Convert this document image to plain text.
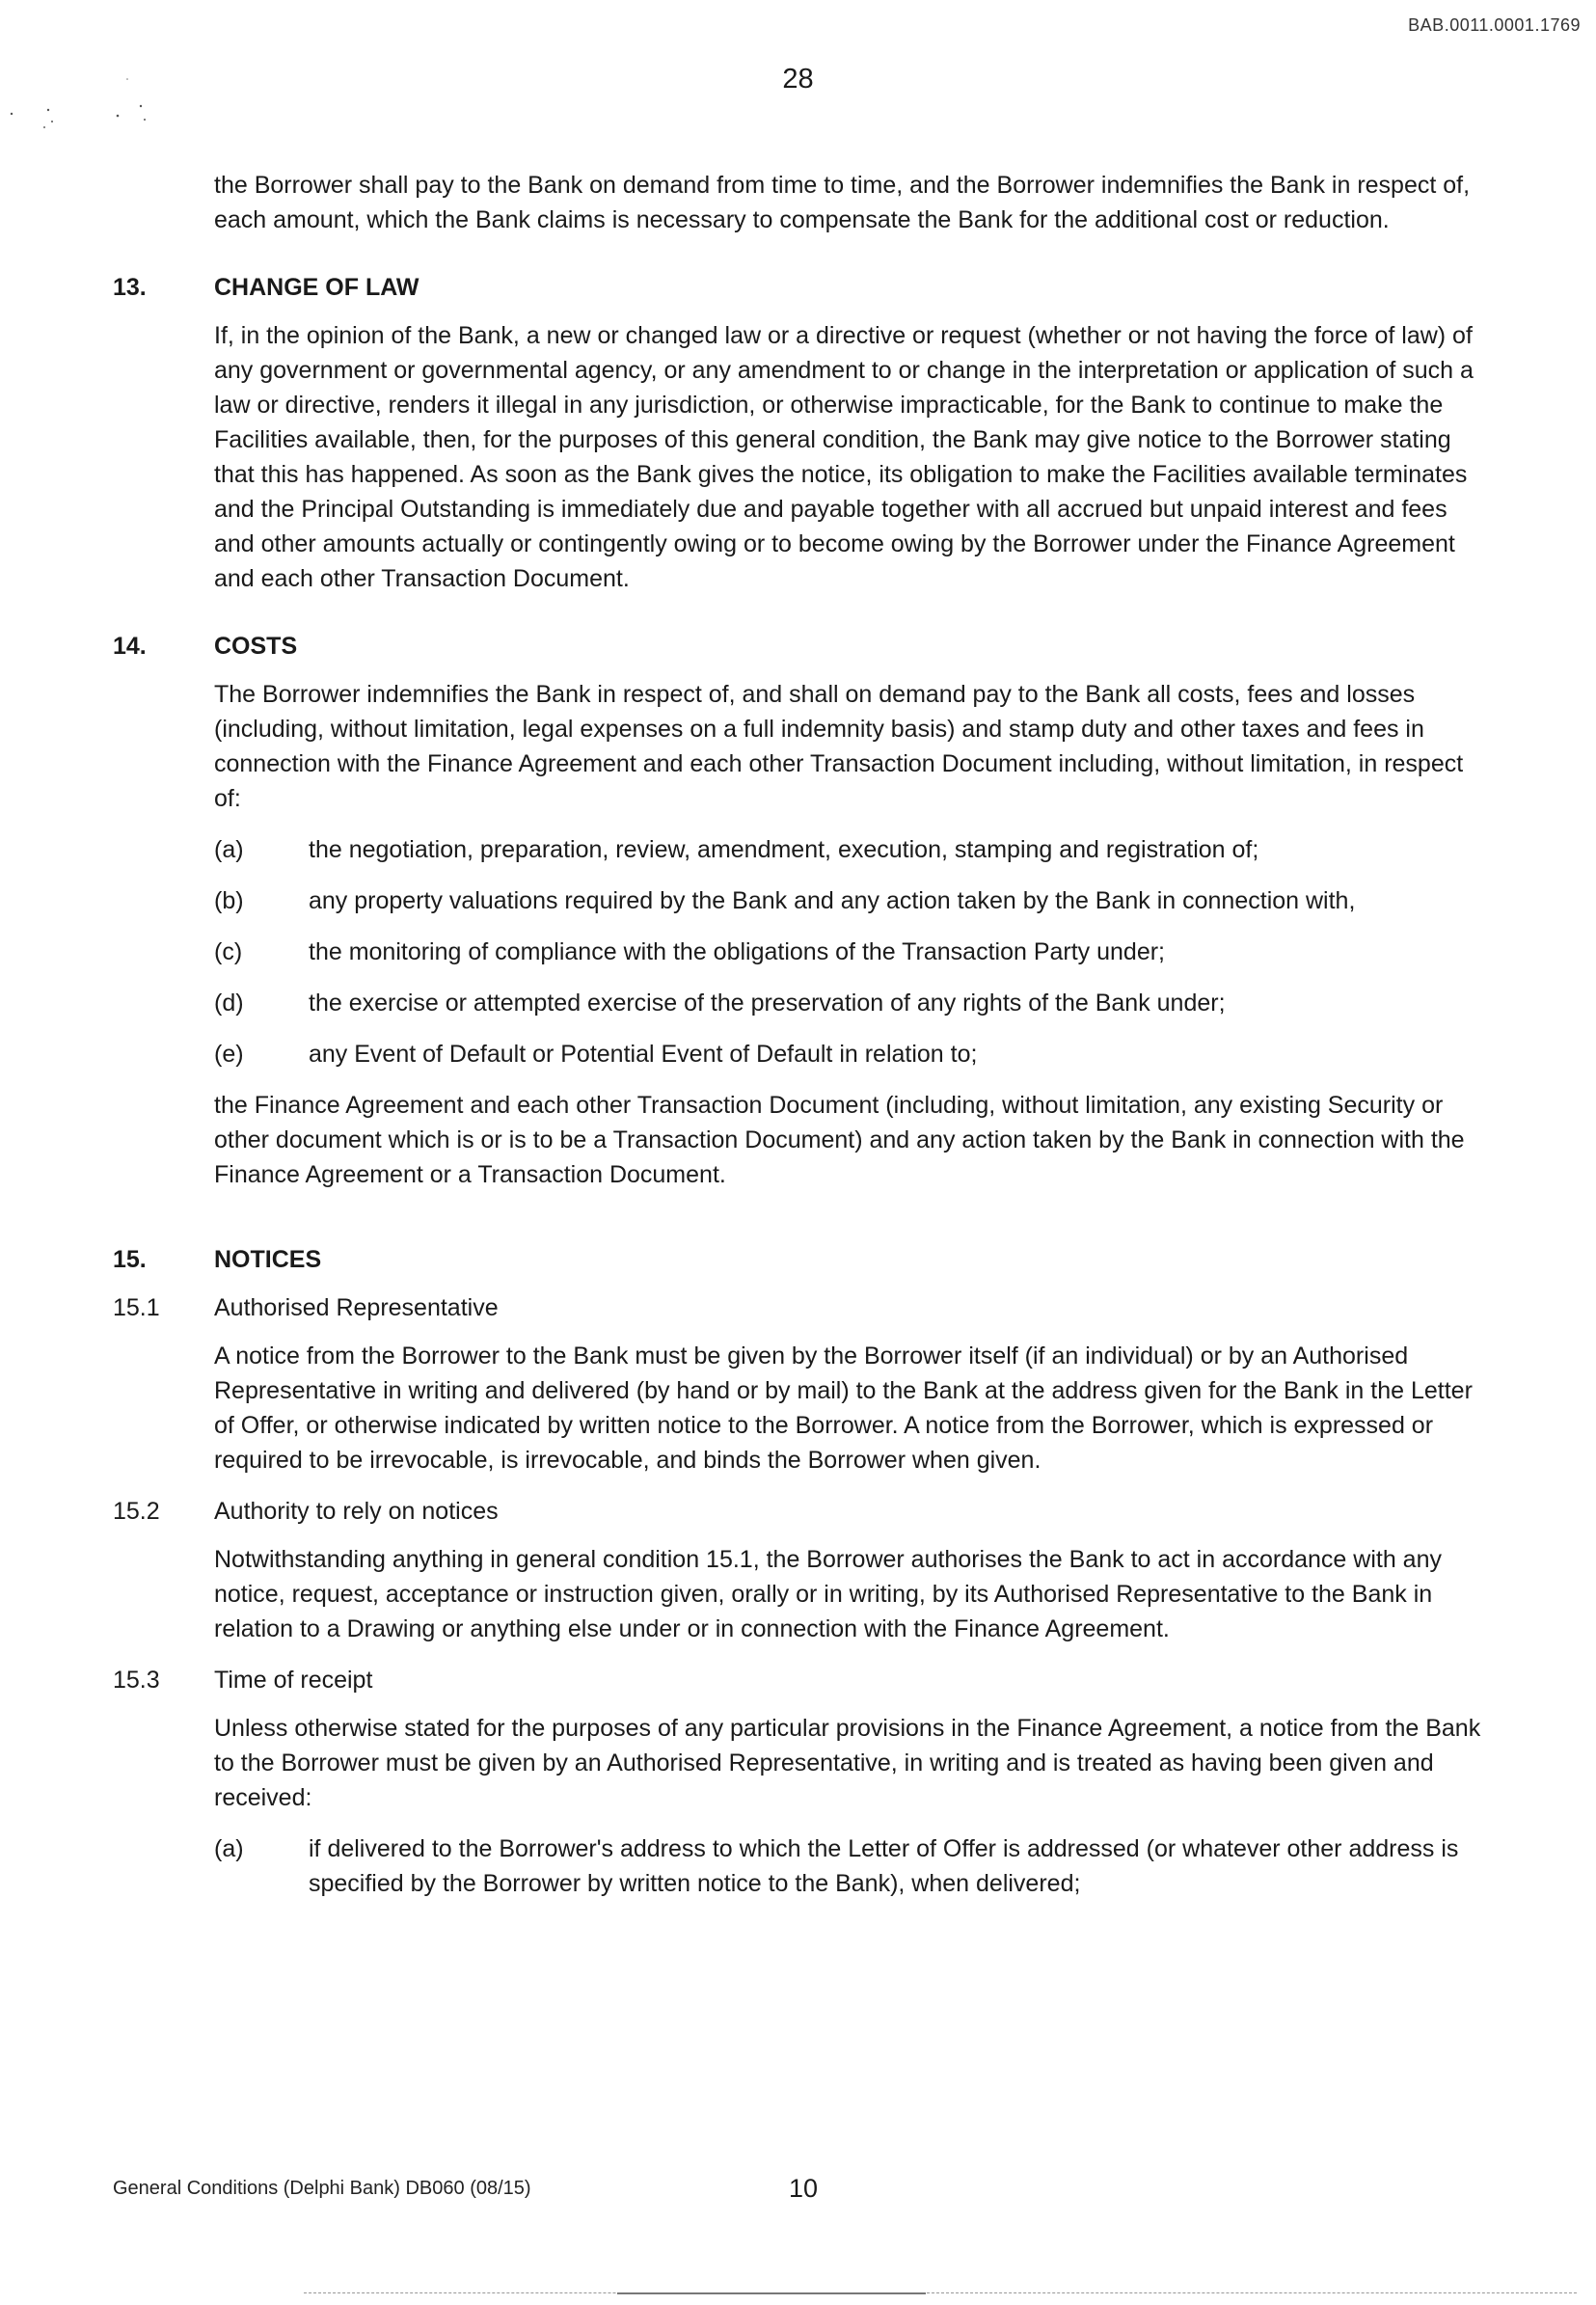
BAB.0011.0001.1769
28

the Borrower shall pay to the Bank on demand from time to time, and the Borrower indemnifies the Bank in respect of, each amount, which the Bank claims is necessary to compensate the Bank for the additional cost or reduction.

13.	CHANGE OF LAW

If, in the opinion of the Bank, a new or changed law or a directive or request (whether or not having the force of law) of any government or governmental agency, or any amendment to or change in the interpretation or application of such a law or directive, renders it illegal in any jurisdiction, or otherwise impracticable, for the Bank to continue to make the Facilities available, then, for the purposes of this general condition, the Bank may give notice to the Borrower stating that this has happened. As soon as the Bank gives the notice, its obligation to make the Facilities available terminates and the Principal Outstanding is immediately due and payable together with all accrued but unpaid interest and fees and other amounts actually or contingently owing or to become owing by the Borrower under the Finance Agreement and each other Transaction Document.

14.	COSTS

The Borrower indemnifies the Bank in respect of, and shall on demand pay to the Bank all costs, fees and losses (including, without limitation, legal expenses on a full indemnity basis) and stamp duty and other taxes and fees in connection with the Finance Agreement and each other Transaction Document including, without limitation, in respect of:

(a)	the negotiation, preparation, review, amendment, execution, stamping and registration of;
(b)	any property valuations required by the Bank and any action taken by the Bank in connection with,
(c)	the monitoring of compliance with the obligations of the Transaction Party under;
(d)	the exercise or attempted exercise of the preservation of any rights of the Bank under;
(e)	any Event of Default or Potential Event of Default in relation to;

the Finance Agreement and each other Transaction Document (including, without limitation, any existing Security or other document which is or is to be a Transaction Document) and any action taken by the Bank in connection with the Finance Agreement or a Transaction Document.

15.	NOTICES
15.1	Authorised Representative

A notice from the Borrower to the Bank must be given by the Borrower itself (if an individual) or by an Authorised Representative in writing and delivered (by hand or by mail) to the Bank at the address given for the Bank in the Letter of Offer, or otherwise indicated by written notice to the Borrower. A notice from the Borrower, which is expressed or required to be irrevocable, is irrevocable, and binds the Borrower when given.

15.2	Authority to rely on notices

Notwithstanding anything in general condition 15.1, the Borrower authorises the Bank to act in accordance with any notice, request, acceptance or instruction given, orally or in writing, by its Authorised Representative to the Bank in relation to a Drawing or anything else under or in connection with the Finance Agreement.

15.3	Time of receipt

Unless otherwise stated for the purposes of any particular provisions in the Finance Agreement, a notice from the Bank to the Borrower must be given by an Authorised Representative, in writing and is treated as having been given and received:

(a)	if delivered to the Borrower's address to which the Letter of Offer is addressed (or whatever other address is specified by the Borrower by written notice to the Bank), when delivered;
General Conditions (Delphi Bank) DB060 (08/15)	10
